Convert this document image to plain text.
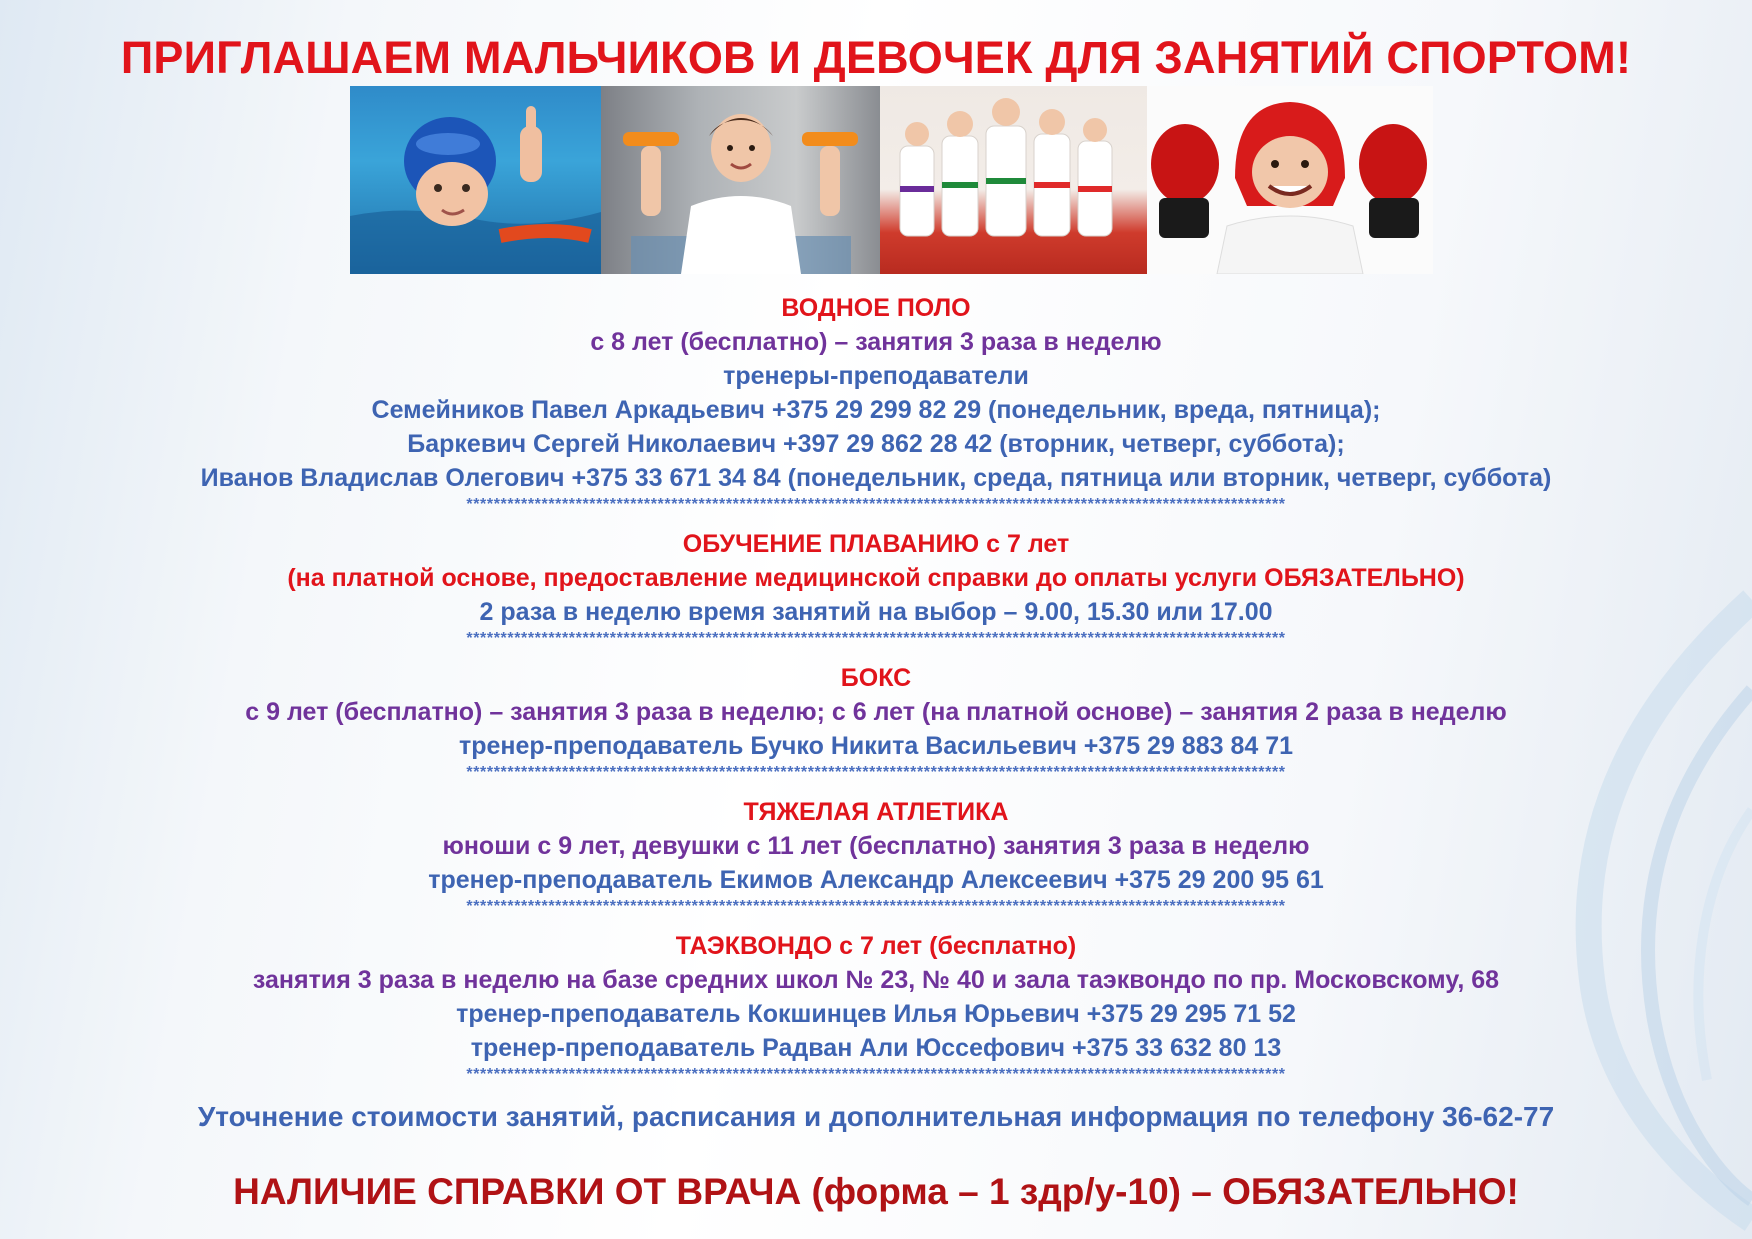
ПРИГЛАШАЕМ МАЛЬЧИКОВ И ДЕВОЧЕК ДЛЯ ЗАНЯТИЙ СПОРТОМ!
ВОДНОЕ ПОЛО
с 8 лет (бесплатно) – занятия 3 раза в неделю
тренеры-преподаватели
Семейников Павел Аркадьевич +375 29 299 82 29 (понедельник, вреда, пятница);
Баркевич Сергей Николаевич +397 29 862 28 42 (вторник, четверг, суббота);
Иванов Владислав Олегович +375 33 671 34 84 (понедельник, среда, пятница или вторник, четверг, суббота)
************************************************************************************************************************
ОБУЧЕНИЕ ПЛАВАНИЮ с 7 лет
(на платной основе, предоставление медицинской справки до оплаты услуги ОБЯЗАТЕЛЬНО)
2 раза в неделю время занятий на выбор – 9.00, 15.30 или 17.00
************************************************************************************************************************
БОКС
с 9 лет (бесплатно) – занятия 3 раза в неделю; с 6 лет (на платной основе) – занятия 2 раза в неделю
тренер-преподаватель Бучко Никита Васильевич +375 29 883 84 71
************************************************************************************************************************
ТЯЖЕЛАЯ АТЛЕТИКА
юноши с 9 лет, девушки с 11 лет (бесплатно) занятия 3 раза в неделю
тренер-преподаватель Екимов Александр Алексеевич +375 29 200 95 61
************************************************************************************************************************
ТАЭКВОНДО с 7 лет (бесплатно)
занятия 3 раза в неделю на базе средних школ № 23, № 40 и зала таэквондо по пр. Московскому, 68
тренер-преподаватель Кокшинцев Илья Юрьевич +375 29 295 71 52
тренер-преподаватель Радван Али Юссефович +375 33 632 80 13
************************************************************************************************************************
Уточнение стоимости занятий, расписания и дополнительная информация по телефону 36-62-77
НАЛИЧИЕ СПРАВКИ ОТ ВРАЧА (форма – 1 здр/у-10) – ОБЯЗАТЕЛЬНО!
